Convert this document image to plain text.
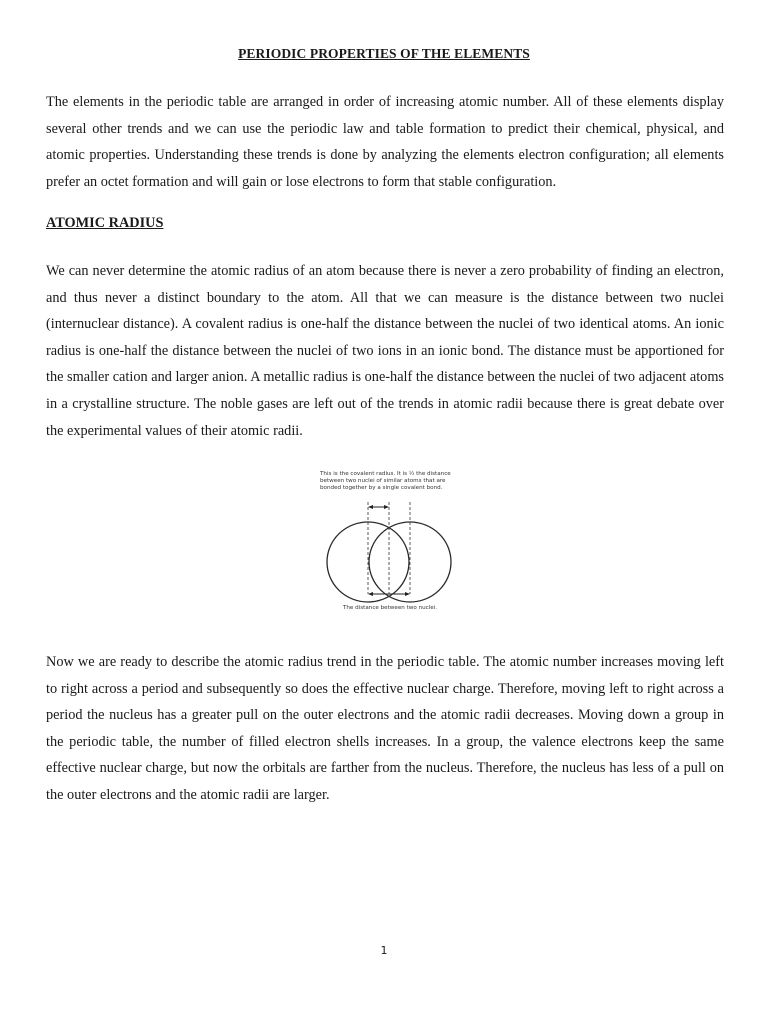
PERIODIC PROPERTIES OF THE ELEMENTS

The elements in the periodic table are arranged in order of increasing atomic number. All of these elements display several other trends and we can use the periodic law and table formation to predict their chemical, physical, and atomic properties. Understanding these trends is done by analyzing the elements electron configuration; all elements prefer an octet formation and will gain or lose electrons to form that stable configuration.

ATOMIC RADIUS

We can never determine the atomic radius of an atom because there is never a zero probability of finding an electron, and thus never a distinct boundary to the atom. All that we can measure is the distance between two nuclei (internuclear distance). A covalent radius is one-half the distance between the nuclei of two identical atoms. An ionic radius is one-half the distance between the nuclei of two ions in an ionic bond. The distance must be apportioned for the smaller cation and larger anion. A metallic radius is one-half the distance between the nuclei of two adjacent atoms in a crystalline structure. The noble gases are left out of the trends in atomic radii because there is great debate over the experimental values of their atomic radii.

This is the covalent radius. It is ½ the distance between two nuclei of similar atoms that are bonded together by a single covalent bond.
The distance between two nuclei.

Now we are ready to describe the atomic radius trend in the periodic table. The atomic number increases moving left to right across a period and subsequently so does the effective nuclear charge. Therefore, moving left to right across a period the nucleus has a greater pull on the outer electrons and the atomic radii decreases. Moving down a group in the periodic table, the number of filled electron shells increases. In a group, the valence electrons keep the same effective nuclear charge, but now the orbitals are farther from the nucleus. Therefore, the nucleus has less of a pull on the outer electrons and the atomic radii are larger.

1
